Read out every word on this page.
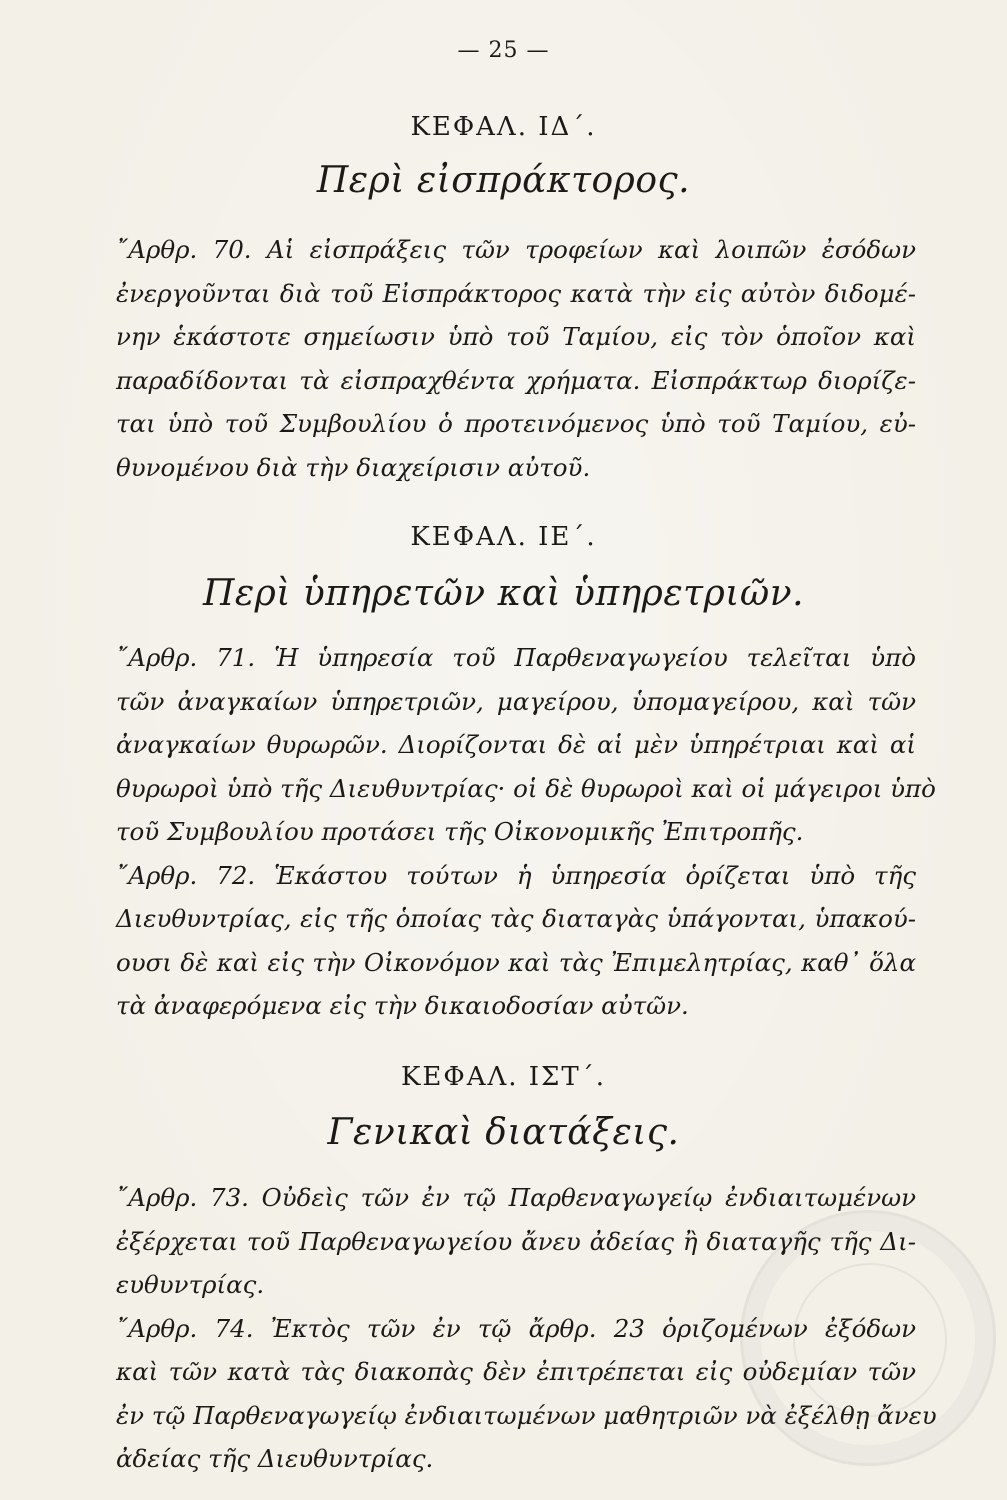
— 25 —
ΚΕΦΑΛ. ΙΔ΄.
Περὶ εἰσπράκτορος.
῎Αρθρ. 70. Αἱ εἰσπράξεις τῶν τροφείων καὶ λοιπῶν ἐσόδων
ἐνεργοῦνται διὰ τοῦ Εἰσπράκτορος κατὰ τὴν εἰς αὐτὸν διδομέ-
νην ἑκάστοτε σημείωσιν ὑπὸ τοῦ Ταμίου, εἰς τὸν ὁποῖον καὶ
παραδίδονται τὰ εἰσπραχθέντα χρήματα. Εἰσπράκτωρ διορίζε-
ται ὑπὸ τοῦ Συμβουλίου ὁ προτεινόμενος ὑπὸ τοῦ Ταμίου, εὐ-
θυνομένου διὰ τὴν διαχείρισιν αὐτοῦ.
ΚΕΦΑΛ. ΙΕ΄.
Περὶ ὑπηρετῶν καὶ ὑπηρετριῶν.
῎Αρθρ. 71. Ἡ ὑπηρεσία τοῦ Παρθεναγωγείου τελεῖται ὑπὸ
τῶν ἀναγκαίων ὑπηρετριῶν, μαγείρου, ὑπομαγείρου, καὶ τῶν
ἀναγκαίων θυρωρῶν. Διορίζονται δὲ αἱ μὲν ὑπηρέτριαι καὶ αἱ
θυρωροὶ ὑπὸ τῆς Διευθυντρίας· οἱ δὲ θυρωροὶ καὶ οἱ μάγειροι ὑπὸ
τοῦ Συμβουλίου προτάσει τῆς Οἰκονομικῆς Ἐπιτροπῆς.
῎Αρθρ. 72. Ἑκάστου τούτων ἡ ὑπηρεσία ὁρίζεται ὑπὸ τῆς
Διευθυντρίας, εἰς τῆς ὁποίας τὰς διαταγὰς ὑπάγονται, ὑπακού-
ουσι δὲ καὶ εἰς τὴν Οἰκονόμον καὶ τὰς Ἐπιμελητρίας, καθ᾽ ὅλα
τὰ ἀναφερόμενα εἰς τὴν δικαιοδοσίαν αὐτῶν.
ΚΕΦΑΛ. ΙΣΤ΄.
Γενικαὶ διατάξεις.
῎Αρθρ. 73. Οὐδεὶς τῶν ἐν τῷ Παρθεναγωγείῳ ἐνδιαιτωμένων
ἐξέρχεται τοῦ Παρθεναγωγείου ἄνευ ἀδείας ἢ διαταγῆς τῆς Δι-
ευθυντρίας.
῎Αρθρ. 74. Ἐκτὸς τῶν ἐν τῷ ἄρθρ. 23 ὁριζομένων ἐξόδων
καὶ τῶν κατὰ τὰς διακοπὰς δὲν ἐπιτρέπεται εἰς οὐδεμίαν τῶν
ἐν τῷ Παρθεναγωγείῳ ἐνδιαιτωμένων μαθητριῶν νὰ ἐξέλθῃ ἄνευ
ἀδείας τῆς Διευθυντρίας.
